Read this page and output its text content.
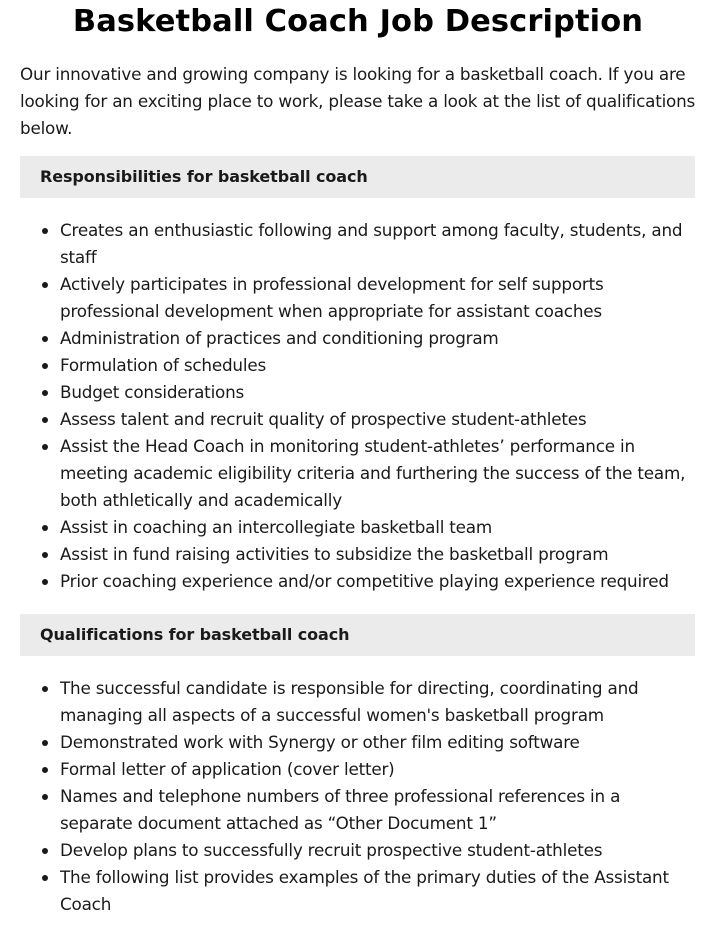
Basketball Coach Job Description

Our innovative and growing company is looking for a basketball coach. If you are looking for an exciting place to work, please take a look at the list of qualifications below.

Responsibilities for basketball coach
Creates an enthusiastic following and support among faculty, students, and staff
Actively participates in professional development for self supports professional development when appropriate for assistant coaches
Administration of practices and conditioning program
Formulation of schedules
Budget considerations
Assess talent and recruit quality of prospective student-athletes
Assist the Head Coach in monitoring student-athletes’ performance in meeting academic eligibility criteria and furthering the success of the team, both athletically and academically
Assist in coaching an intercollegiate basketball team
Assist in fund raising activities to subsidize the basketball program
Prior coaching experience and/or competitive playing experience required
Qualifications for basketball coach
The successful candidate is responsible for directing, coordinating and managing all aspects of a successful women's basketball program
Demonstrated work with Synergy or other film editing software
Formal letter of application (cover letter)
Names and telephone numbers of three professional references in a separate document attached as “Other Document 1”
Develop plans to successfully recruit prospective student-athletes
The following list provides examples of the primary duties of the Assistant Coach
